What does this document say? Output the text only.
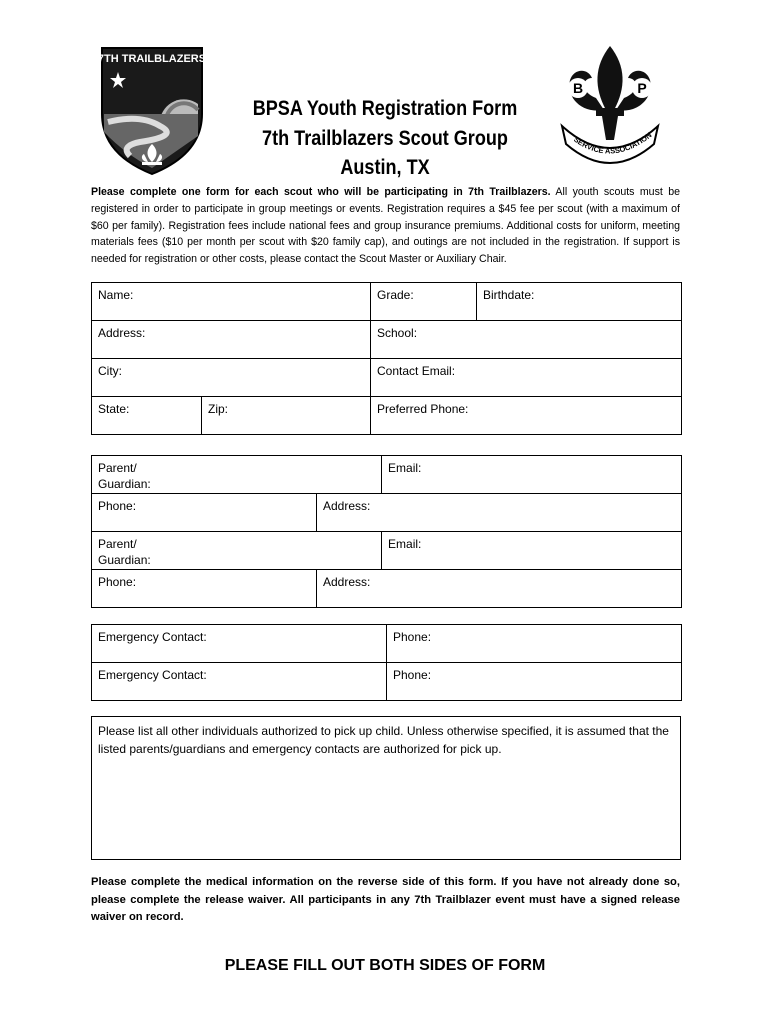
7TH TRAILBLAZERS
BPSA Youth Registration Form
7th Trailblazers Scout Group
Austin, TX
B	P
SERVICE ASSOCIATION
Please complete one form for each scout who will be participating in 7th Trailblazers. All youth scouts must be registered in order to participate in group meetings or events. Registration requires a $45 fee per scout (with a maximum of $60 per family). Registration fees include national fees and group insurance premiums. Additional costs for uniform, meeting materials fees ($10 per month per scout with $20 family cap), and outings are not included in the registration. If support is needed for registration or other costs, please contact the Scout Master or Auxiliary Chair.
Name:		Grade:	Birthdate:
Address:		School:	
City:		Contact Email:	
State:	Zip:	Preferred Phone:	
Parent/
Guardian:		Email:
Phone:	Address:	
Parent/
Guardian:		Email:
Phone:	Address:	
Emergency Contact:	Phone:
Emergency Contact:	Phone:
Please list all other individuals authorized to pick up child. Unless otherwise specified, it is assumed that the listed parents/guardians and emergency contacts are authorized for pick up.
Please complete the medical information on the reverse side of this form. If you have not already done so, please complete the release waiver. All participants in any 7th Trailblazer event must have a signed release waiver on record.
PLEASE FILL OUT BOTH SIDES OF FORM
